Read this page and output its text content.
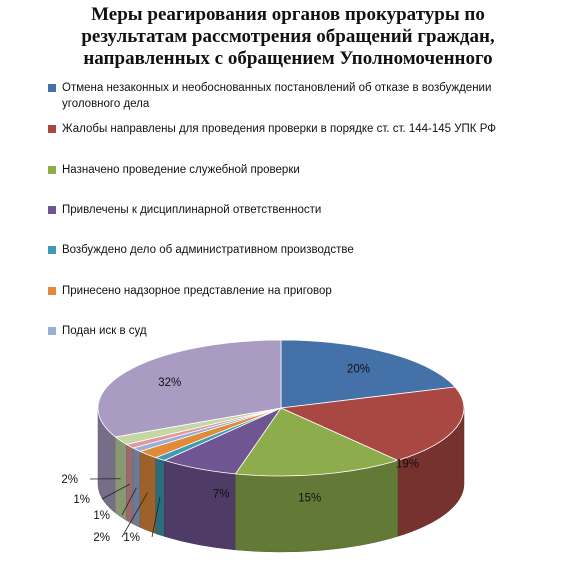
Меры реагирования органов прокуратуры по
результатам рассмотрения обращений граждан,
направленных с обращением Уполномоченного
Отмена незаконных и необоснованных постановлений об отказе в возбуждении уголовного дела
Жалобы направлены для проведения проверки в порядке ст. ст. 144-145 УПК РФ
Назначено проведение служебной проверки
Привлечены к дисциплинарной ответственности
Возбуждено дело об административном производстве
Принесено надзорное представление на приговор
Подан иск в суд
20%
19%
15%
7%
1%
2%
1%
1%
2%
32%
